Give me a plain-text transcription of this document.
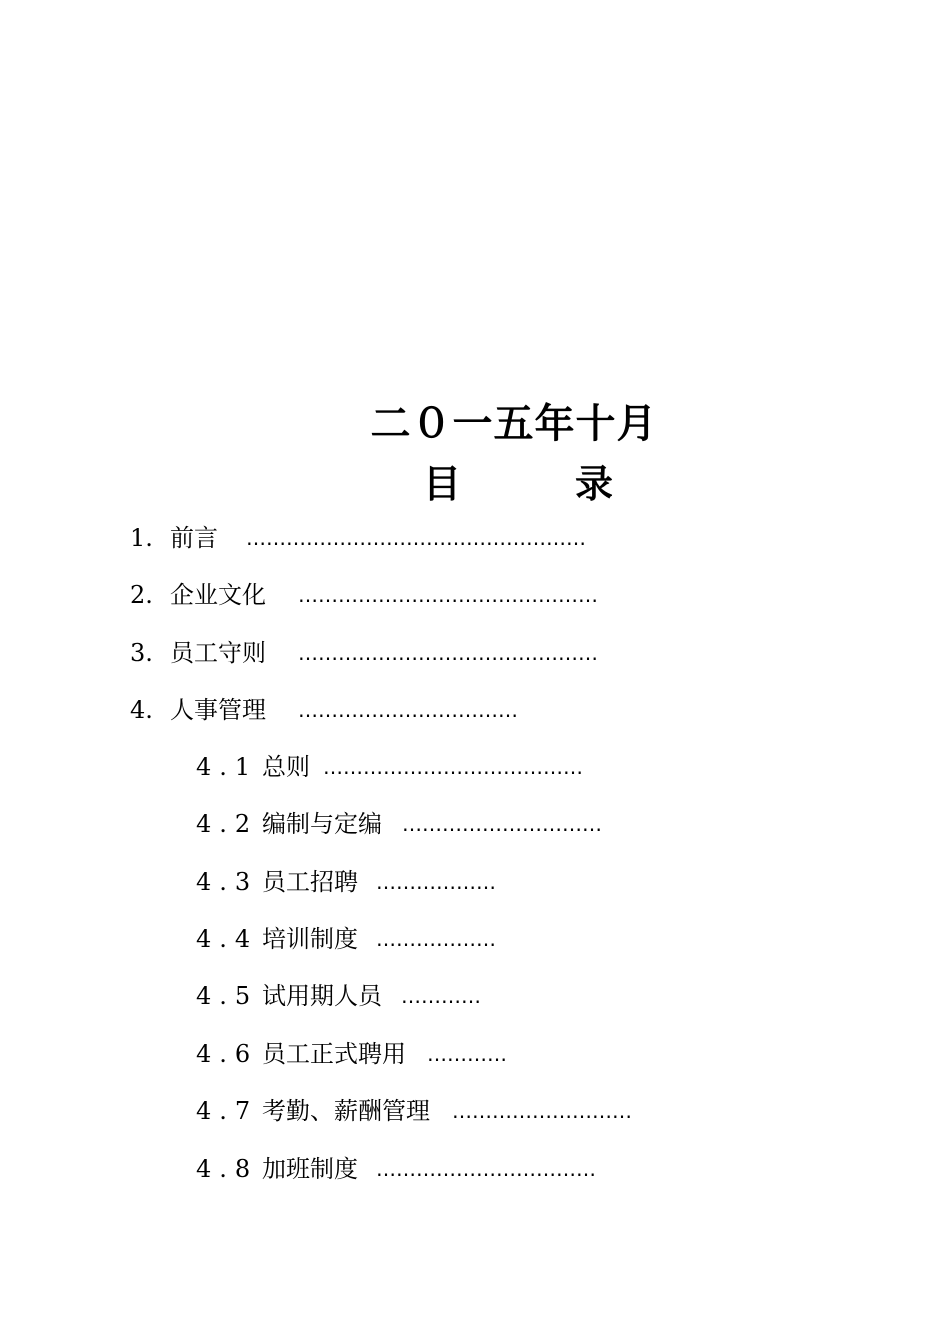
二０一五年十月
目　　　录
1. 前言 ……………………………………………
2. 企业文化 ………………………………………
3. 员工守则 ………………………………………
4. 人事管理 ……………………………
4.1 总则 …………………………………
4.2 编制与定编 …………………………
4.3 员工招聘 ………………
4.4 培训制度 ………………
4.5 试用期人员 …………
4.6 员工正式聘用 …………
4.7 考勤、薪酬管理 ………………………
4.8 加班制度 ……………………………
